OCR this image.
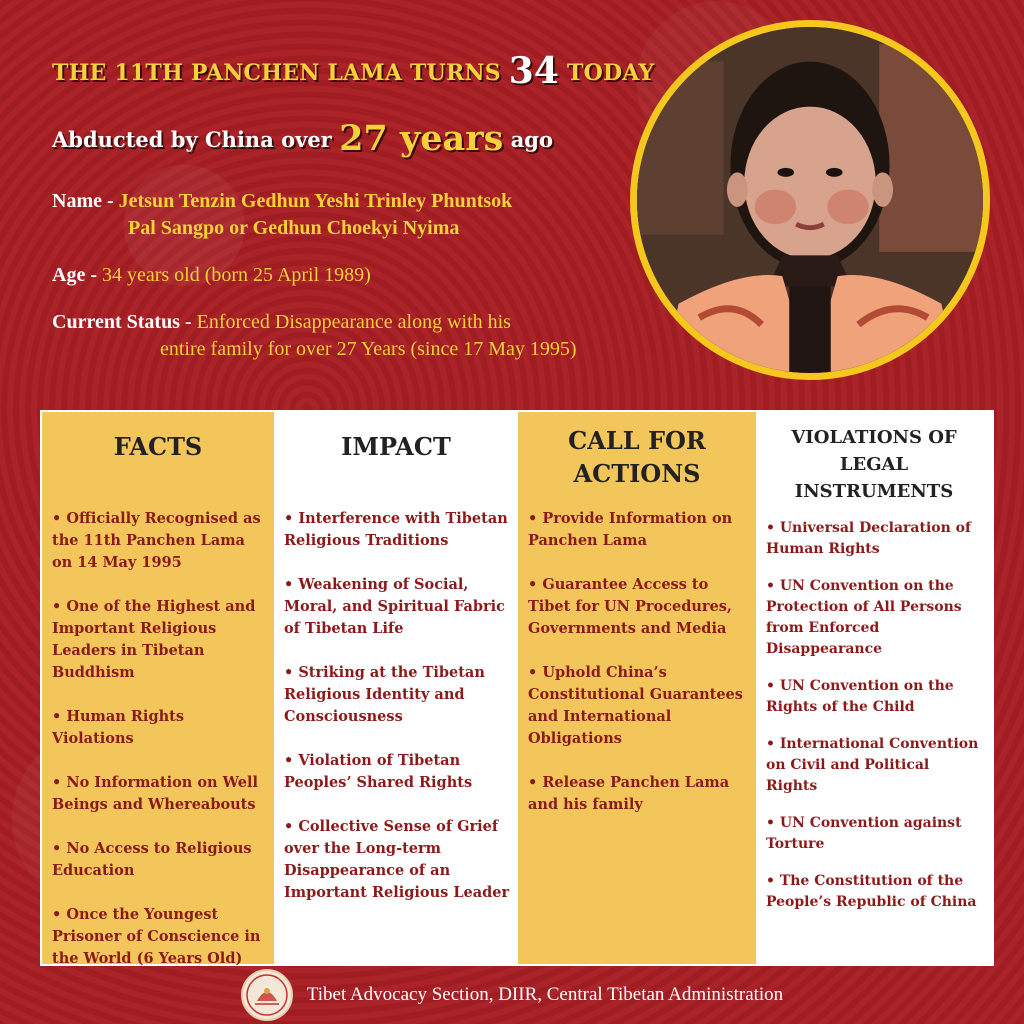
THE 11TH PANCHEN LAMA TURNS 34 TODAY
Abducted by China over 27 years ago
Name - Jetsun Tenzin Gedhun Yeshi Trinley Phuntsok
Pal Sangpo or Gedhun Choekyi Nyima
Age - 34 years old (born 25 April 1989)
Current Status - Enforced Disappearance along with his
entire family for over 27 Years (since 17 May 1995)
FACTS
• Officially Recognised as the 11th Panchen Lama on 14 May 1995
• One of the Highest and Important Religious Leaders in Tibetan Buddhism
• Human Rights Violations
• No Information on Well Beings and Whereabouts
• No Access to Religious Education
• Once the Youngest Prisoner of Conscience in the World (6 Years Old)
IMPACT
• Interference with Tibetan Religious Traditions
• Weakening of Social, Moral, and Spiritual Fabric of Tibetan Life
• Striking at the Tibetan Religious Identity and Consciousness
• Violation of Tibetan Peoples’ Shared Rights
• Collective Sense of Grief over the Long-term Disappearance of an Important Religious Leader
CALL FOR
ACTIONS
• Provide Information on Panchen Lama
• Guarantee Access to Tibet for UN Procedures, Governments and Media
• Uphold China’s Constitutional Guarantees and International Obligations
• Release Panchen Lama and his family
VIOLATIONS OF
LEGAL
INSTRUMENTS
• Universal Declaration of Human Rights
• UN Convention on the Protection of All Persons from Enforced Disappearance
• UN Convention on the Rights of the Child
• International Convention on Civil and Political Rights
• UN Convention against Torture
• The Constitution of the People’s Republic of China
Tibet Advocacy Section, DIIR, Central Tibetan Administration
